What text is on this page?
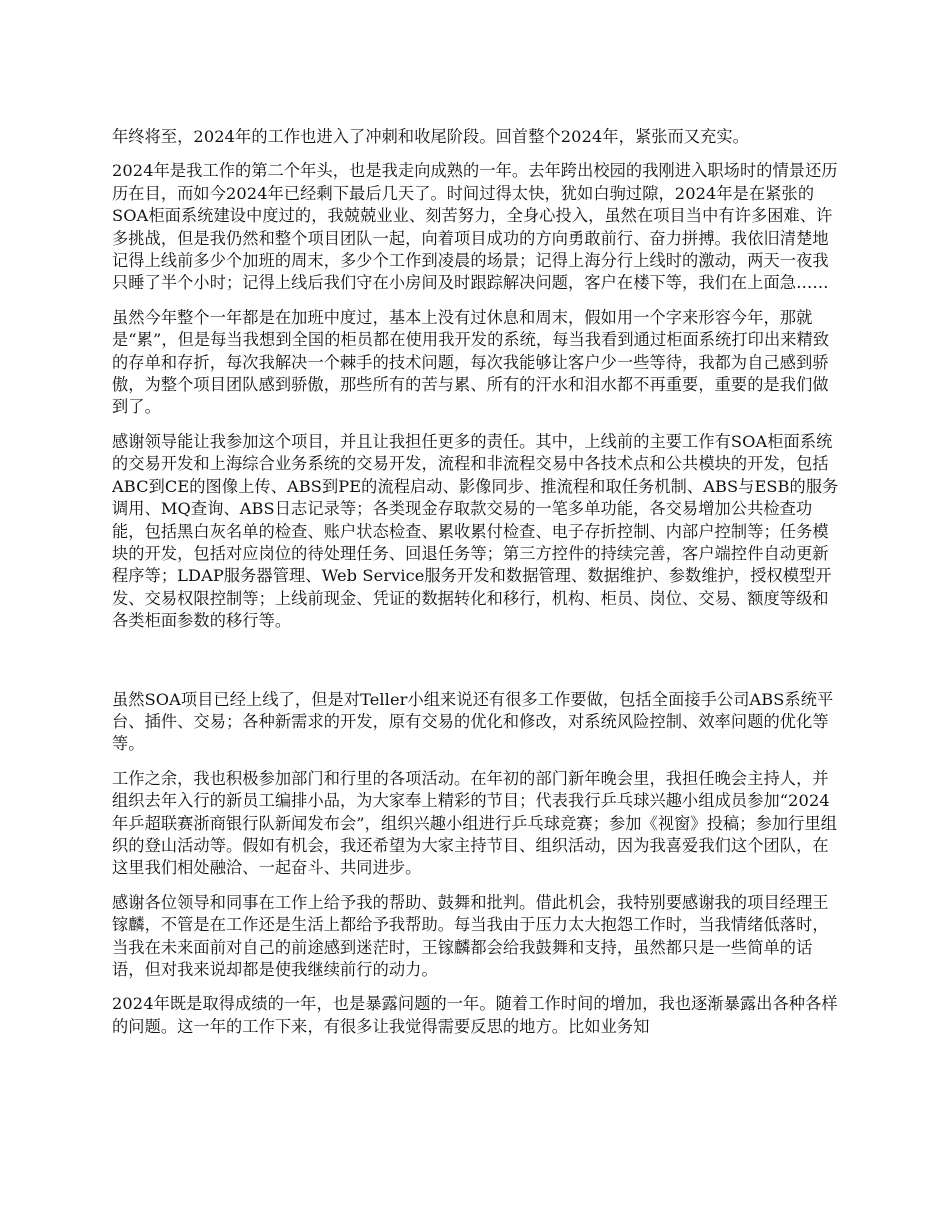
年终将至，2024年的工作也进入了冲刺和收尾阶段。回首整个2024年，紧张而又充实。

2024年是我工作的第二个年头，也是我走向成熟的一年。去年跨出校园的我刚进入职场时的情景还历历在目，而如今2024年已经剩下最后几天了。时间过得太快，犹如白驹过隙，2024年是在紧张的SOA柜面系统建设中度过的，我兢兢业业、刻苦努力，全身心投入，虽然在项目当中有许多困难、许多挑战，但是我仍然和整个项目团队一起，向着项目成功的方向勇敢前行、奋力拼搏。我依旧清楚地记得上线前多少个加班的周末，多少个工作到凌晨的场景；记得上海分行上线时的激动，两天一夜我只睡了半个小时；记得上线后我们守在小房间及时跟踪解决问题，客户在楼下等，我们在上面急……

虽然今年整个一年都是在加班中度过，基本上没有过休息和周末，假如用一个字来形容今年，那就是“累”，但是每当我想到全国的柜员都在使用我开发的系统，每当我看到通过柜面系统打印出来精致的存单和存折，每次我解决一个棘手的技术问题，每次我能够让客户少一些等待，我都为自己感到骄傲，为整个项目团队感到骄傲，那些所有的苦与累、所有的汗水和泪水都不再重要，重要的是我们做到了。

感谢领导能让我参加这个项目，并且让我担任更多的责任。其中，上线前的主要工作有SOA柜面系统的交易开发和上海综合业务系统的交易开发，流程和非流程交易中各技术点和公共模块的开发，包括ABC到CE的图像上传、ABS到PE的流程启动、影像同步、推流程和取任务机制、ABS与ESB的服务调用、MQ查询、ABS日志记录等；各类现金存取款交易的一笔多单功能，各交易增加公共检查功能，包括黑白灰名单的检查、账户状态检查、累收累付检查、电子存折控制、内部户控制等；任务模块的开发，包括对应岗位的待处理任务、回退任务等；第三方控件的持续完善，客户端控件自动更新程序等；LDAP服务器管理、Web Service服务开发和数据管理、数据维护、参数维护，授权模型开发、交易权限控制等；上线前现金、凭证的数据转化和移行，机构、柜员、岗位、交易、额度等级和各类柜面参数的移行等。

虽然SOA项目已经上线了，但是对Teller小组来说还有很多工作要做，包括全面接手公司ABS系统平台、插件、交易；各种新需求的开发，原有交易的优化和修改，对系统风险控制、效率问题的优化等等。

工作之余，我也积极参加部门和行里的各项活动。在年初的部门新年晚会里，我担任晚会主持人，并组织去年入行的新员工编排小品，为大家奉上精彩的节目；代表我行乒乓球兴趣小组成员参加“2024年乒超联赛浙商银行队新闻发布会”，组织兴趣小组进行乒乓球竞赛；参加《视窗》投稿；参加行里组织的登山活动等。假如有机会，我还希望为大家主持节目、组织活动，因为我喜爱我们这个团队，在这里我们相处融洽、一起奋斗、共同进步。

感谢各位领导和同事在工作上给予我的帮助、鼓舞和批判。借此机会，我特别要感谢我的项目经理王镓麟，不管是在工作还是生活上都给予我帮助。每当我由于压力太大抱怨工作时，当我情绪低落时，当我在未来面前对自己的前途感到迷茫时，王镓麟都会给我鼓舞和支持，虽然都只是一些简单的话语，但对我来说却都是使我继续前行的动力。

2024年既是取得成绩的一年，也是暴露问题的一年。随着工作时间的增加，我也逐渐暴露出各种各样的问题。这一年的工作下来，有很多让我觉得需要反思的地方。比如业务知
